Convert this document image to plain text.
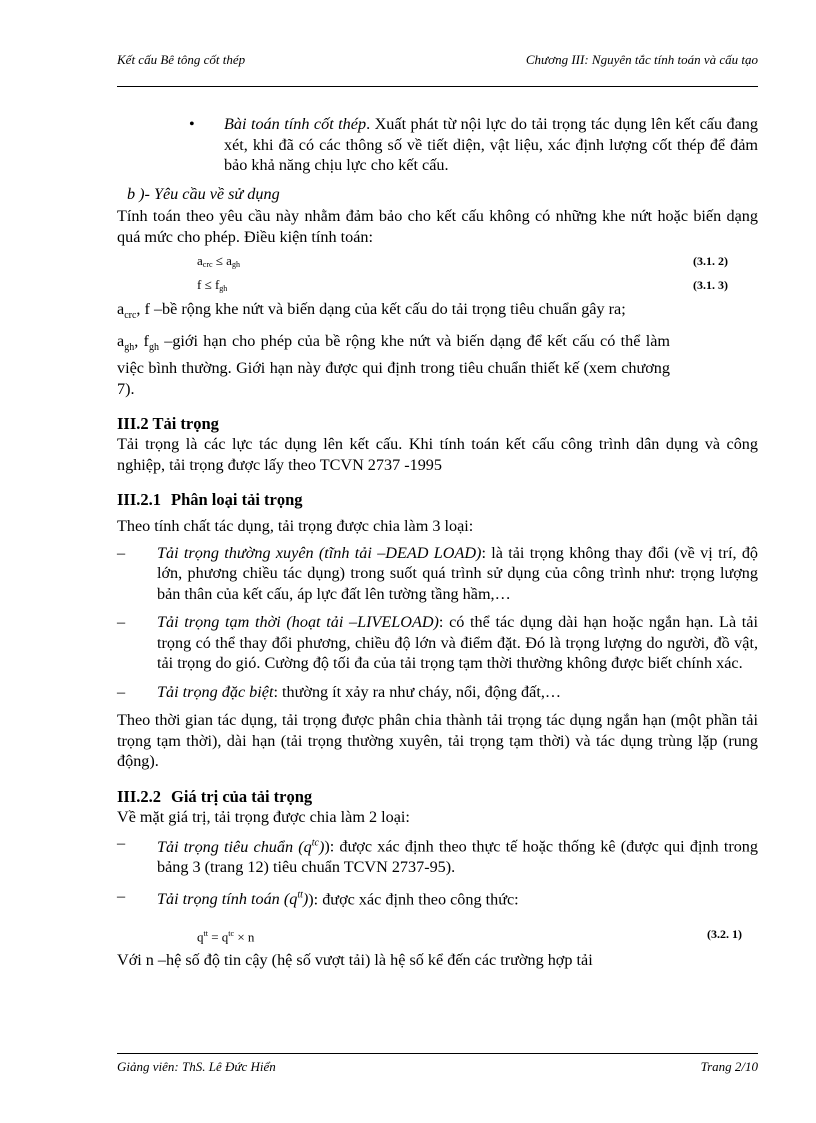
Kết cấu Bê tông cốt thép	Chương III: Nguyên tắc tính toán và cấu tạo

• Bài toán tính cốt thép. Xuất phát từ nội lực do tải trọng tác dụng lên kết cấu đang xét, khi đã có các thông số về tiết diện, vật liệu, xác định lượng cốt thép để đảm bảo khả năng chịu lực cho kết cấu.

b )- Yêu cầu về sử dụng

Tính toán theo yêu cầu này nhằm đảm bảo cho kết cấu không có những khe nứt hoặc biến dạng quá mức cho phép. Điều kiện tính toán:

$a_{crc} \le a_{gh}$	(3.1. 2)
$f \le f_{gh}$	(3.1. 3)

$a_{crc}$, f –bề rộng khe nứt và biến dạng của kết cấu do tải trọng tiêu chuẩn gây ra;

$a_{gh}$, $f_{gh}$ –giới hạn cho phép của bề rộng khe nứt và biến dạng để kết cấu có thể làm việc bình thường. Giới hạn này được qui định trong tiêu chuẩn thiết kế (xem chương 7).

III.2 Tải trọng

Tải trọng là các lực tác dụng lên kết cấu. Khi tính toán kết cấu công trình dân dụng và công nghiệp, tải trọng được lấy theo TCVN 2737 -1995

III.2.1 Phân loại tải trọng

Theo tính chất tác dụng, tải trọng được chia làm 3 loại:

– Tải trọng thường xuyên (tĩnh tải –DEAD LOAD): là tải trọng không thay đổi (về vị trí, độ lớn, phương chiều tác dụng) trong suốt quá trình sử dụng của công trình như: trọng lượng bản thân của kết cấu, áp lực đất lên tường tầng hầm,…

– Tải trọng tạm thời (hoạt tải –LIVELOAD): có thể tác dụng dài hạn hoặc ngắn hạn. Là tải trọng có thể thay đổi phương, chiều độ lớn và điểm đặt. Đó là trọng lượng do người, đồ vật, tải trọng do gió. Cường độ tối đa của tải trọng tạm thời thường không được biết chính xác.

– Tải trọng đặc biệt: thường ít xảy ra như cháy, nổi, động đất,…

Theo thời gian tác dụng, tải trọng được phân chia thành tải trọng tác dụng ngắn hạn (một phần tải trọng tạm thời), dài hạn (tải trọng thường xuyên, tải trọng tạm thời) và tác dụng trùng lặp (rung động).

III.2.2 Giá trị của tải trọng

Về mặt giá trị, tải trọng được chia làm 2 loại:

– Tải trọng tiêu chuẩn $(q^{tc})$): được xác định theo thực tế hoặc thống kê (được qui định trong bảng 3 (trang 12) tiêu chuẩn TCVN 2737-95).

– Tải trọng tính toán $(q^{tt})$): được xác định theo công thức:

$q^{tt} = q^{tc} \times n$	(3.2. 1)

Với n –hệ số độ tin cậy (hệ số vượt tải) là hệ số kể đến các trường hợp tải

Giảng viên: ThS. Lê Đức Hiển	Trang 2/10
